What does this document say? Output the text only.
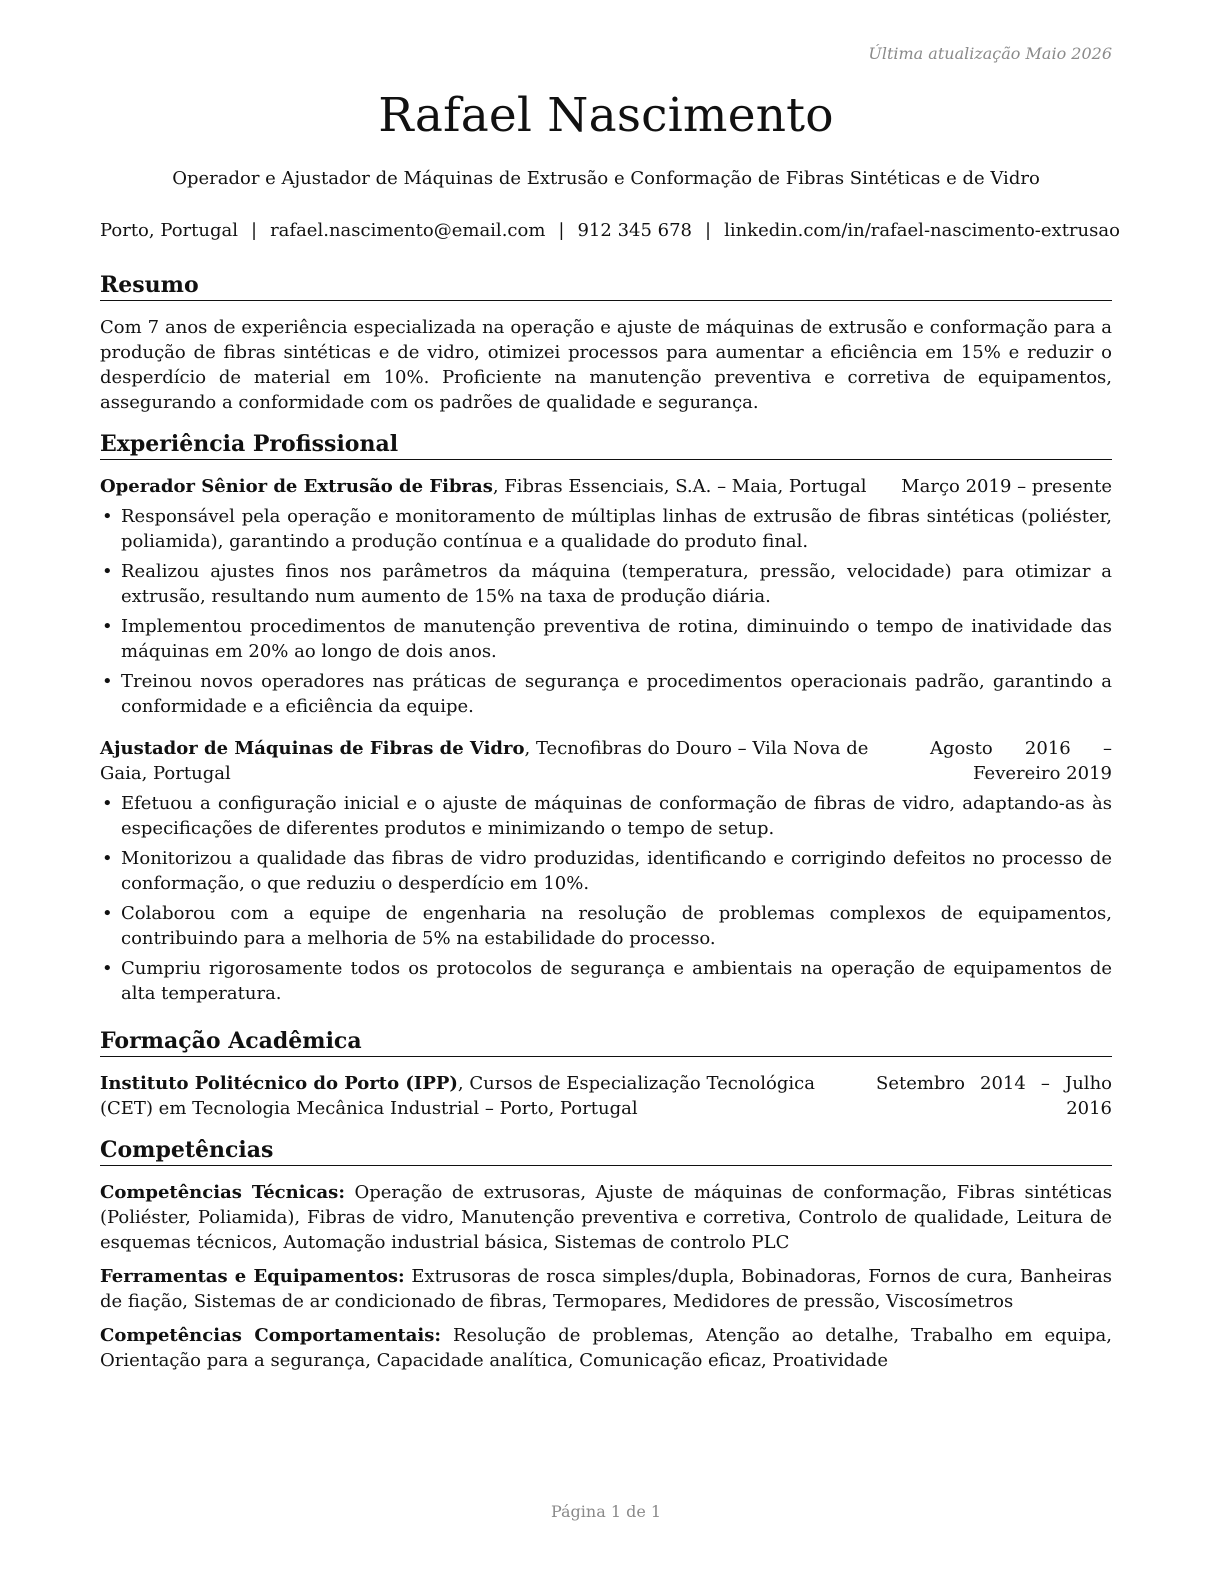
Última atualização Maio 2026
Rafael Nascimento
Operador e Ajustador de Máquinas de Extrusão e Conformação de Fibras Sintéticas e de Vidro
Porto, Portugal | rafael.nascimento@email.com | 912 345 678 | linkedin.com/in/rafael-nascimento-extrusao
Resumo

Com 7 anos de experiência especializada na operação e ajuste de máquinas de extrusão e conformação para a produção de fibras sintéticas e de vidro, otimizei processos para aumentar a eficiência em 15% e reduzir o desperdício de material em 10%. Proficiente na manutenção preventiva e corretiva de equipamentos, assegurando a conformidade com os padrões de qualidade e segurança.

Experiência Profissional
Operador Sênior de Extrusão de Fibras, Fibras Essenciais, S.A. – Maia, Portugal	Março 2019 – presente
• Responsável pela operação e monitoramento de múltiplas linhas de extrusão de fibras sintéticas (poliéster, poliamida), garantindo a produção contínua e a qualidade do produto final.
• Realizou ajustes finos nos parâmetros da máquina (temperatura, pressão, velocidade) para otimizar a extrusão, resultando num aumento de 15% na taxa de produção diária.
• Implementou procedimentos de manutenção preventiva de rotina, diminuindo o tempo de inatividade das máquinas em 20% ao longo de dois anos.
• Treinou novos operadores nas práticas de segurança e procedimentos operacionais padrão, garantindo a conformidade e a eficiência da equipe.
Ajustador de Máquinas de Fibras de Vidro, Tecnofibras do Douro – Vila Nova de Gaia, Portugal
Agosto 2016 – Fevereiro 2019
• Efetuou a configuração inicial e o ajuste de máquinas de conformação de fibras de vidro, adaptando-as às especificações de diferentes produtos e minimizando o tempo de setup.
• Monitorizou a qualidade das fibras de vidro produzidas, identificando e corrigindo defeitos no processo de conformação, o que reduziu o desperdício em 10%.
• Colaborou com a equipe de engenharia na resolução de problemas complexos de equipamentos, contribuindo para a melhoria de 5% na estabilidade do processo.
• Cumpriu rigorosamente todos os protocolos de segurança e ambientais na operação de equipamentos de alta temperatura.
Formação Acadêmica
Instituto Politécnico do Porto (IPP), Cursos de Especialização Tecnológica (CET) em Tecnologia Mecânica Industrial – Porto, Portugal
Setembro 2014 – Julho 2016
Competências

Competências Técnicas: Operação de extrusoras, Ajuste de máquinas de conformação, Fibras sintéticas (Poliéster, Poliamida), Fibras de vidro, Manutenção preventiva e corretiva, Controlo de qualidade, Leitura de esquemas técnicos, Automação industrial básica, Sistemas de controlo PLC

Ferramentas e Equipamentos: Extrusoras de rosca simples/dupla, Bobinadoras, Fornos de cura, Banheiras de fiação, Sistemas de ar condicionado de fibras, Termopares, Medidores de pressão, Viscosímetros

Competências Comportamentais: Resolução de problemas, Atenção ao detalhe, Trabalho em equipa, Orientação para a segurança, Capacidade analítica, Comunicação eficaz, Proatividade

Página 1 de 1
